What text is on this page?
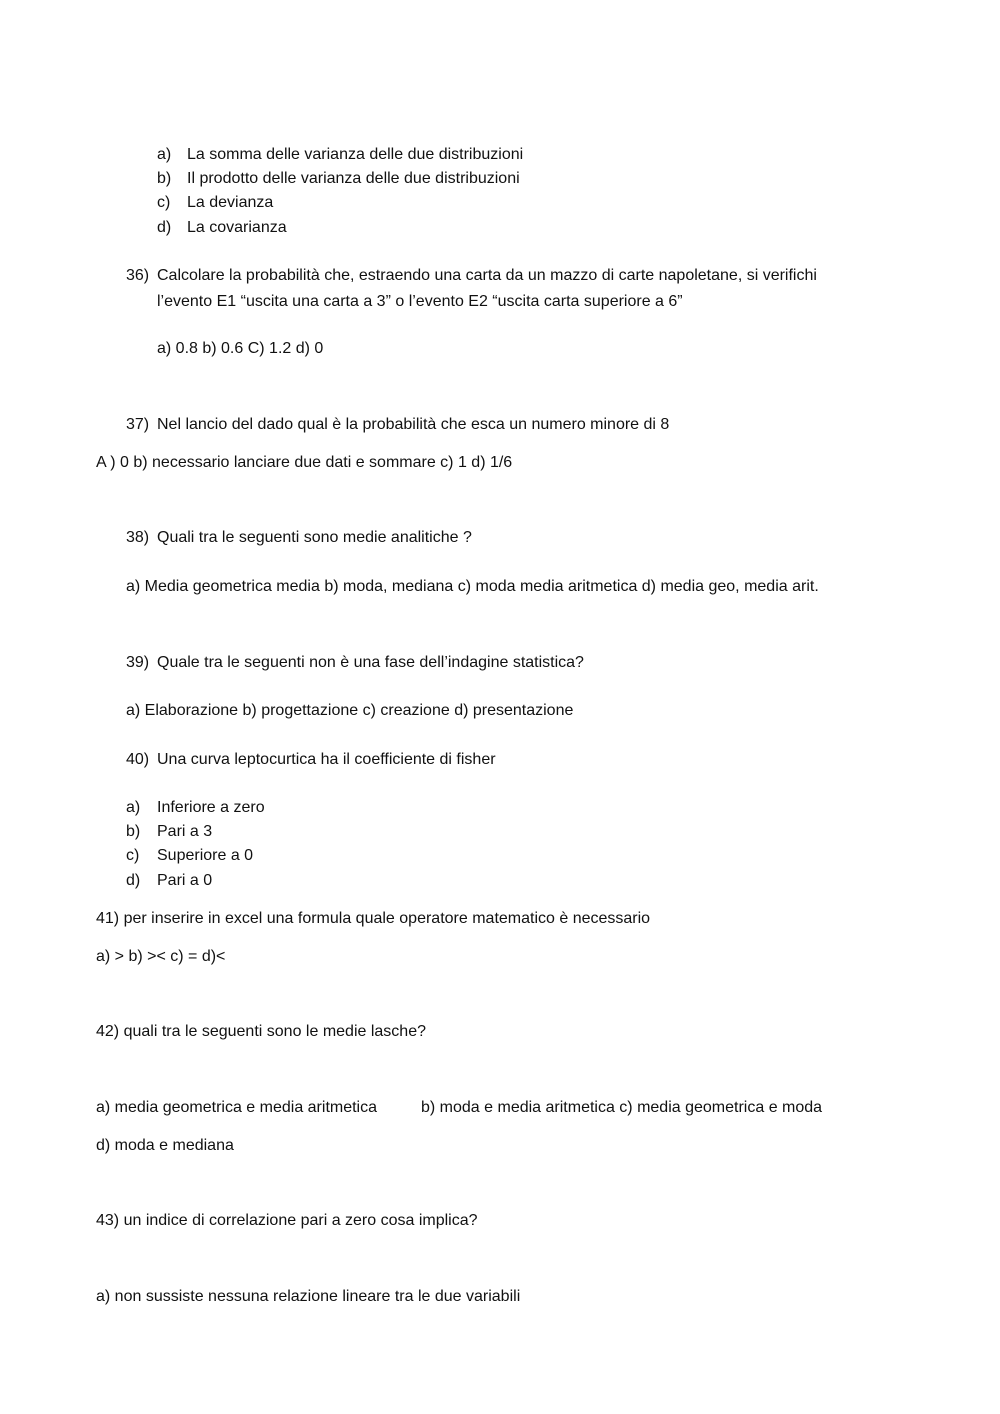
a) La somma delle varianza delle due distribuzioni
b) Il prodotto delle varianza delle due distribuzioni
c) La devianza
d) La covarianza
36) Calcolare la probabilità che, estraendo una carta da un mazzo di carte napoletane, si verifichi
l’evento E1 “uscita una carta a 3” o l’evento E2 “uscita carta superiore a 6”
a) 0.8 b) 0.6 C) 1.2 d) 0
37) Nel lancio del dado qual è la probabilità che esca un numero minore di 8
A ) 0 b) necessario lanciare due dati e sommare c) 1 d) 1/6
38) Quali tra le seguenti sono medie analitiche ?
a) Media geometrica media b) moda, mediana c) moda media aritmetica d) media geo, media arit.
39) Quale tra le seguenti non è una fase dell’indagine statistica?
a) Elaborazione b) progettazione c) creazione d) presentazione
40) Una curva leptocurtica ha il coefficiente di fisher
a) Inferiore a zero
b) Pari a 3
c) Superiore a 0
d) Pari a 0
41) per inserire in excel una formula quale operatore matematico è necessario
a) > b) >< c) = d)<
42) quali tra le seguenti sono le medie lasche?
a) media geometrica e media aritmetica	b) moda e media aritmetica c) media geometrica e moda
d) moda e mediana
43) un indice di correlazione pari a zero cosa implica?
a) non sussiste nessuna relazione lineare tra le due variabili
